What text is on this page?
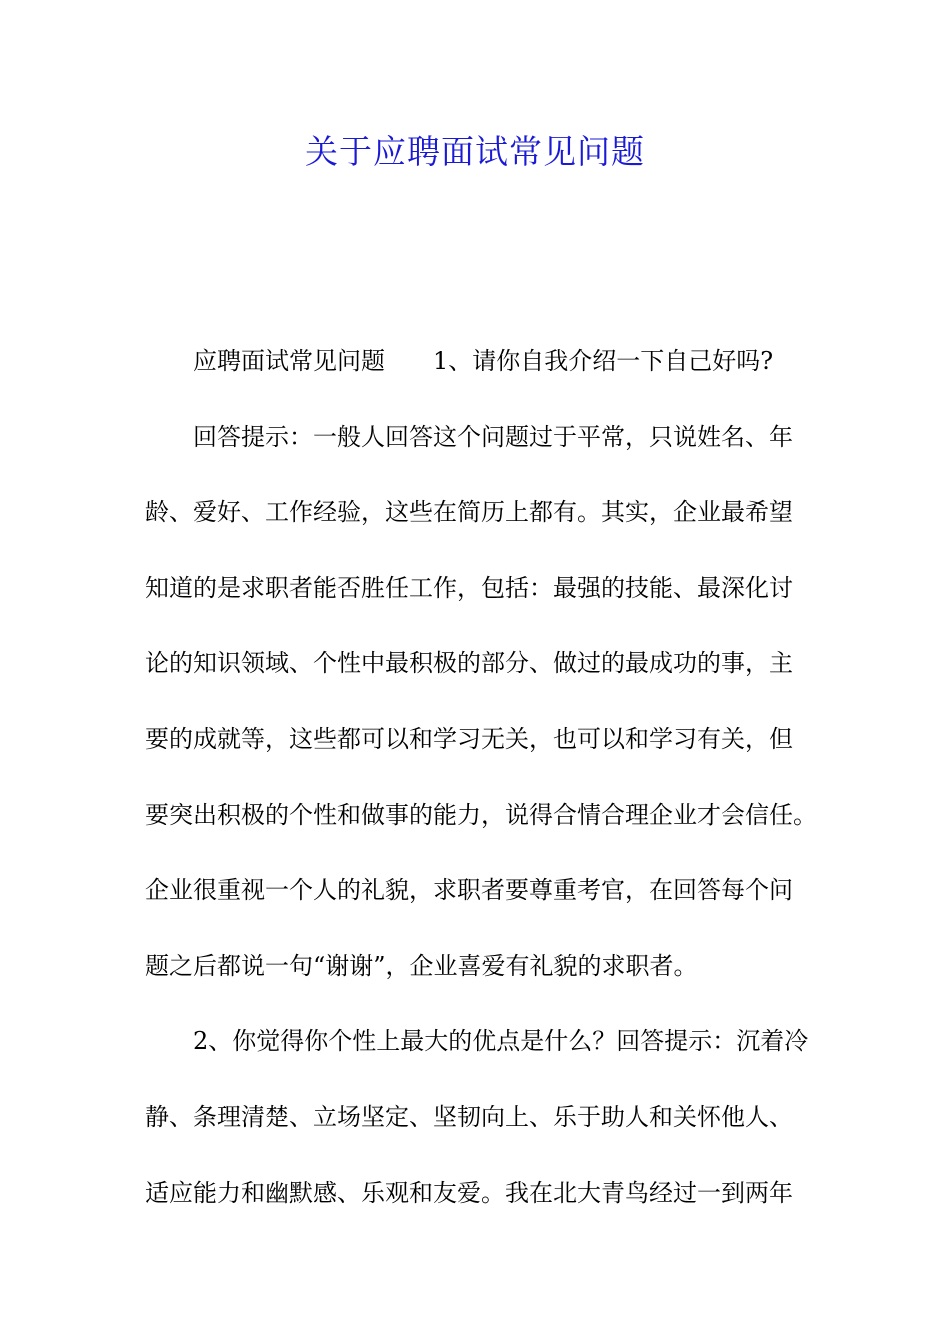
关于应聘面试常见问题
应聘面试常见问题　　1、请你自我介绍一下自己好吗?
回答提示：一般人回答这个问题过于平常，只说姓名、年
龄、爱好、工作经验，这些在简历上都有。其实，企业最希望
知道的是求职者能否胜任工作，包括：最强的技能、最深化讨
论的知识领域、个性中最积极的部分、做过的最成功的事，主
要的成就等，这些都可以和学习无关，也可以和学习有关，但
要突出积极的个性和做事的能力，说得合情合理企业才会信任。
企业很重视一个人的礼貌，求职者要尊重考官，在回答每个问
题之后都说一句“谢谢”，企业喜爱有礼貌的求职者。
2、你觉得你个性上最大的优点是什么？回答提示：沉着冷
静、条理清楚、立场坚定、坚韧向上、乐于助人和关怀他人、
适应能力和幽默感、乐观和友爱。我在北大青鸟经过一到两年
